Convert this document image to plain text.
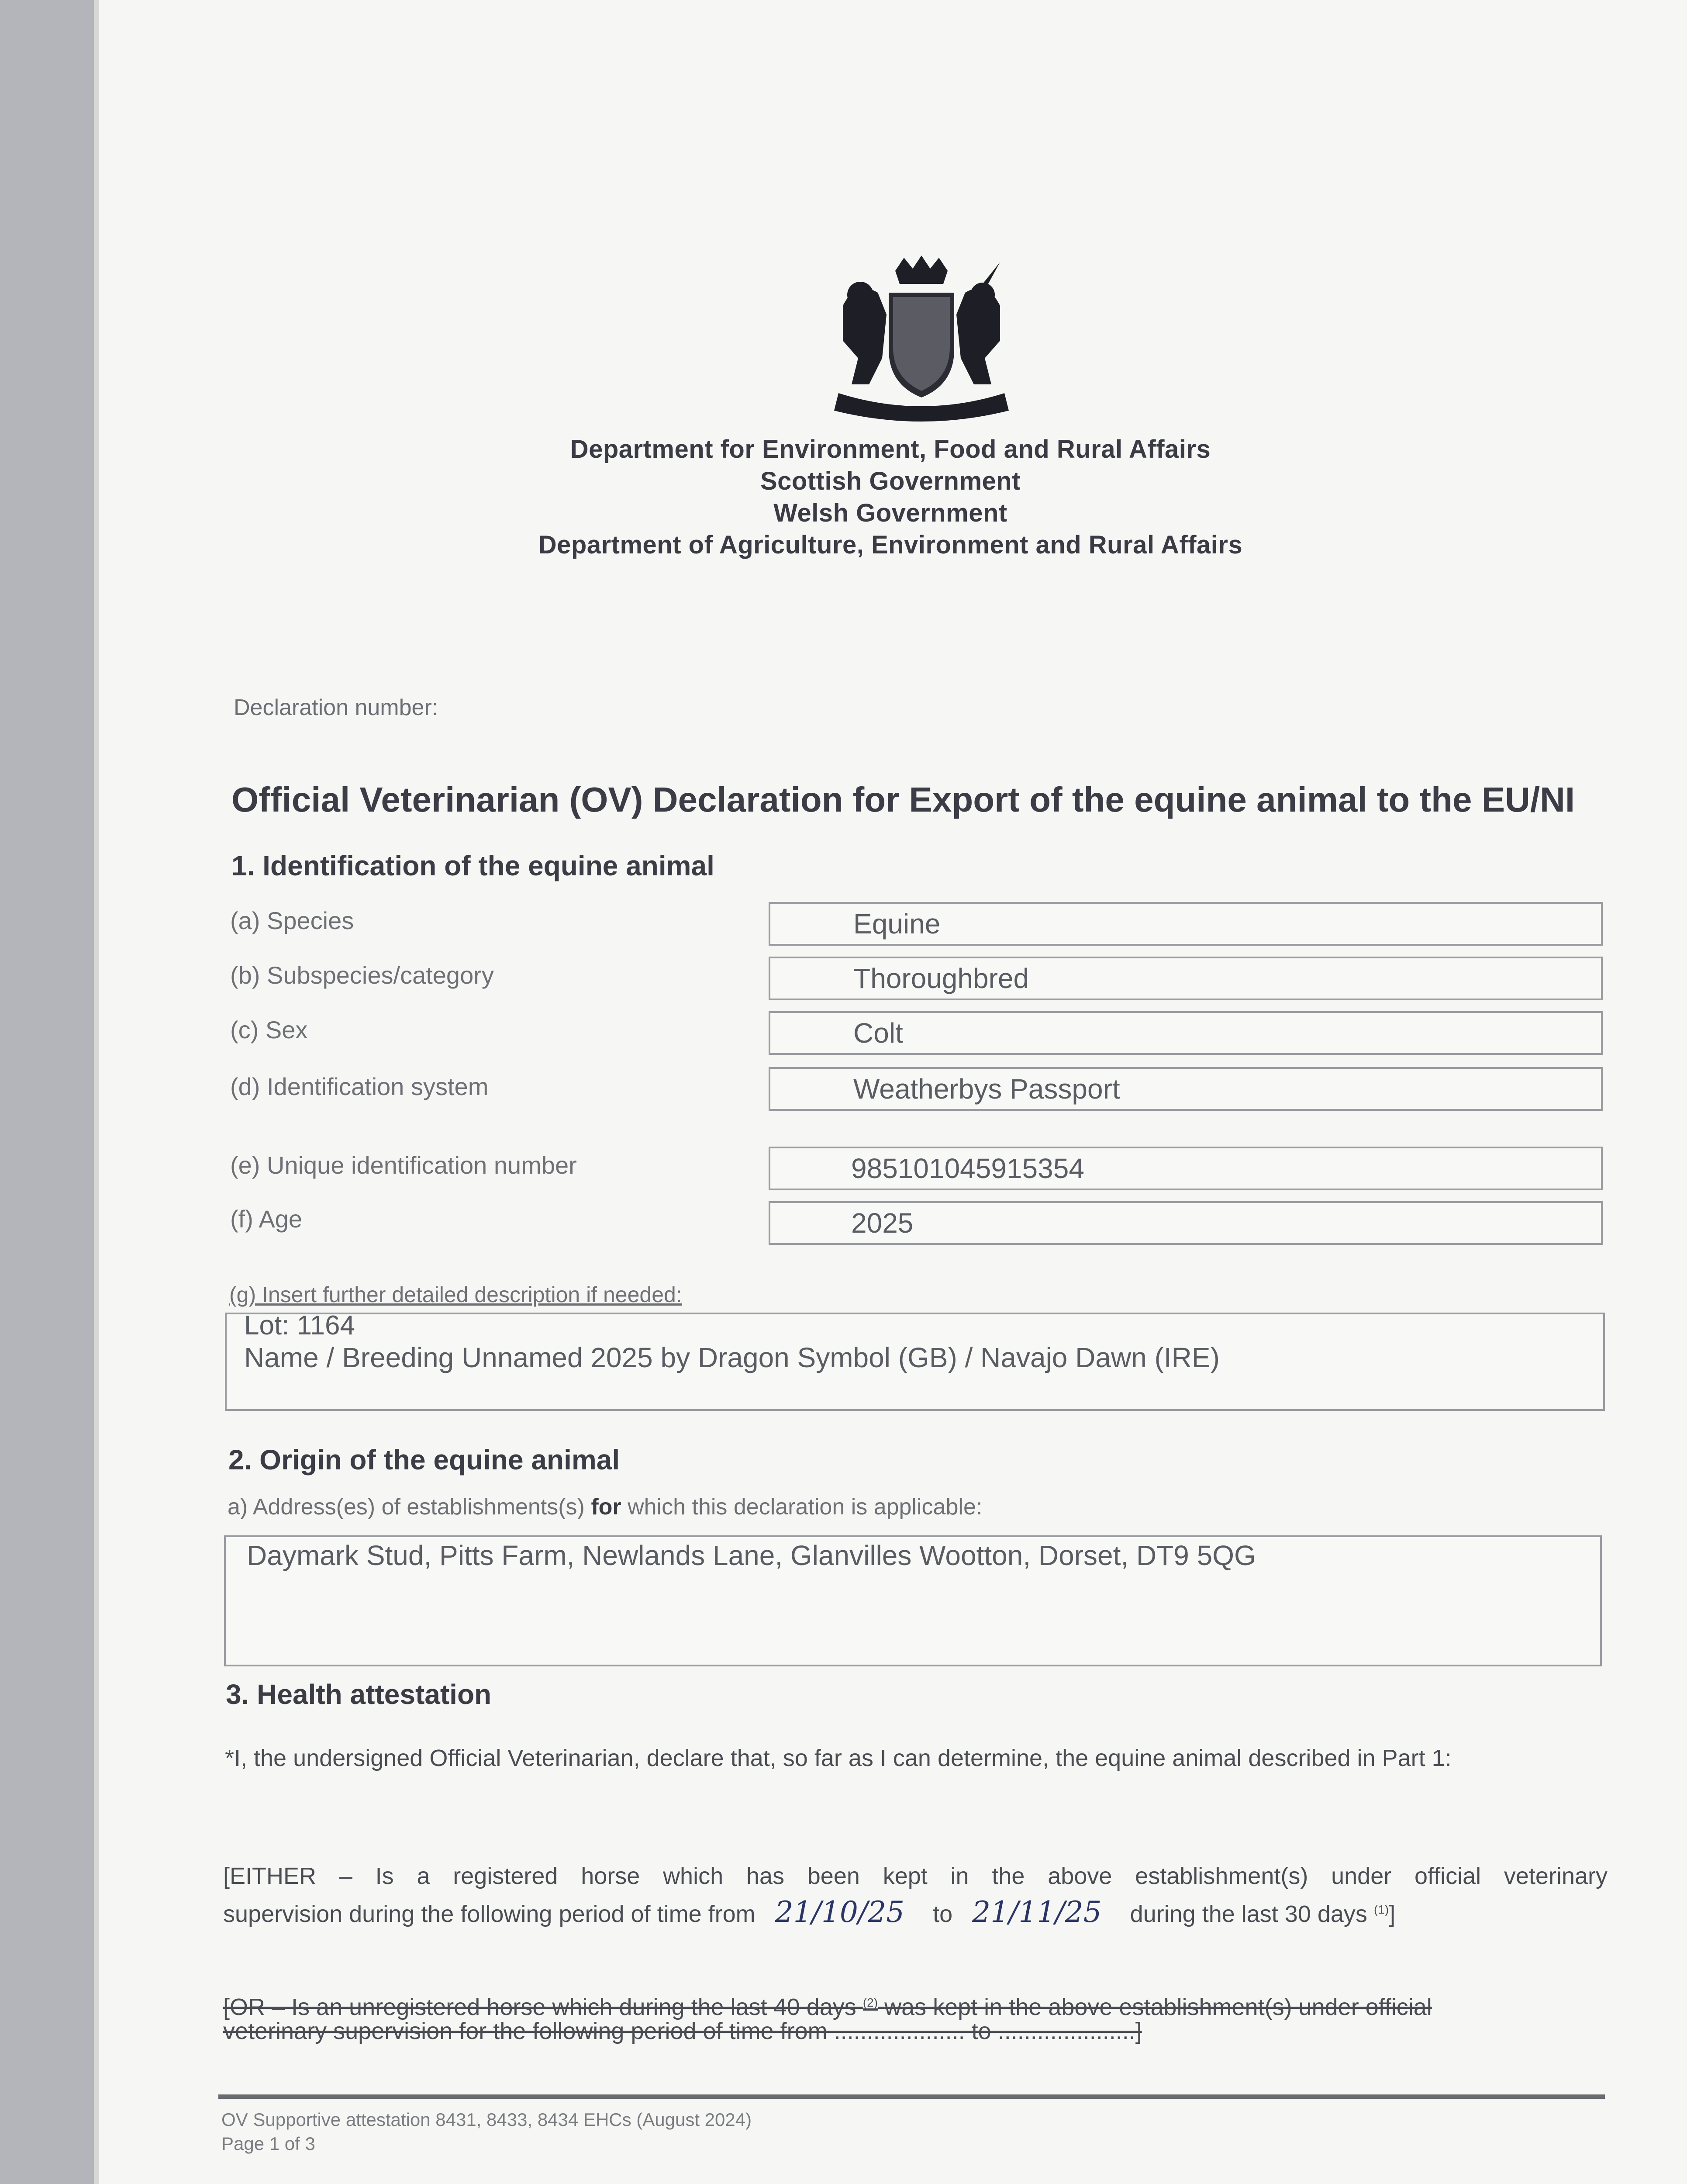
Department for Environment, Food and Rural Affairs
Scottish Government
Welsh Government
Department of Agriculture, Environment and Rural Affairs
Declaration number:
Official Veterinarian (OV) Declaration for Export of the equine animal to the EU/NI
1. Identification of the equine animal
(a) Species	Equine
(b) Subspecies/category	Thoroughbred
(c) Sex	Colt
(d) Identification system	Weatherbys Passport
(e) Unique identification number	985101045915354
(f) Age	2025
(g) Insert further detailed description if needed:
Lot: 1164
Name / Breeding Unnamed 2025 by Dragon Symbol (GB) / Navajo Dawn (IRE)
2. Origin of the equine animal
a) Address(es) of establishments(s) for which this declaration is applicable:
Daymark Stud, Pitts Farm, Newlands Lane, Glanvilles Wootton, Dorset, DT9 5QG
3. Health attestation
*I, the undersigned Official Veterinarian, declare that, so far as I can determine, the equine animal described in Part 1:
[EITHER – Is a registered horse which has been kept in the above establishment(s) under official veterinary
supervision during the following period of time from 21/10/25 to 21/11/25 during the last 30 days $^{(1)}$]
[OR – Is an unregistered horse which during the last 40 days $^{(2)}$ was kept in the above establishment(s) under official
veterinary supervision for the following period of time from .................... to .....................]
OV Supportive attestation 8431, 8433, 8434 EHCs (August 2024)
Page 1 of 3
